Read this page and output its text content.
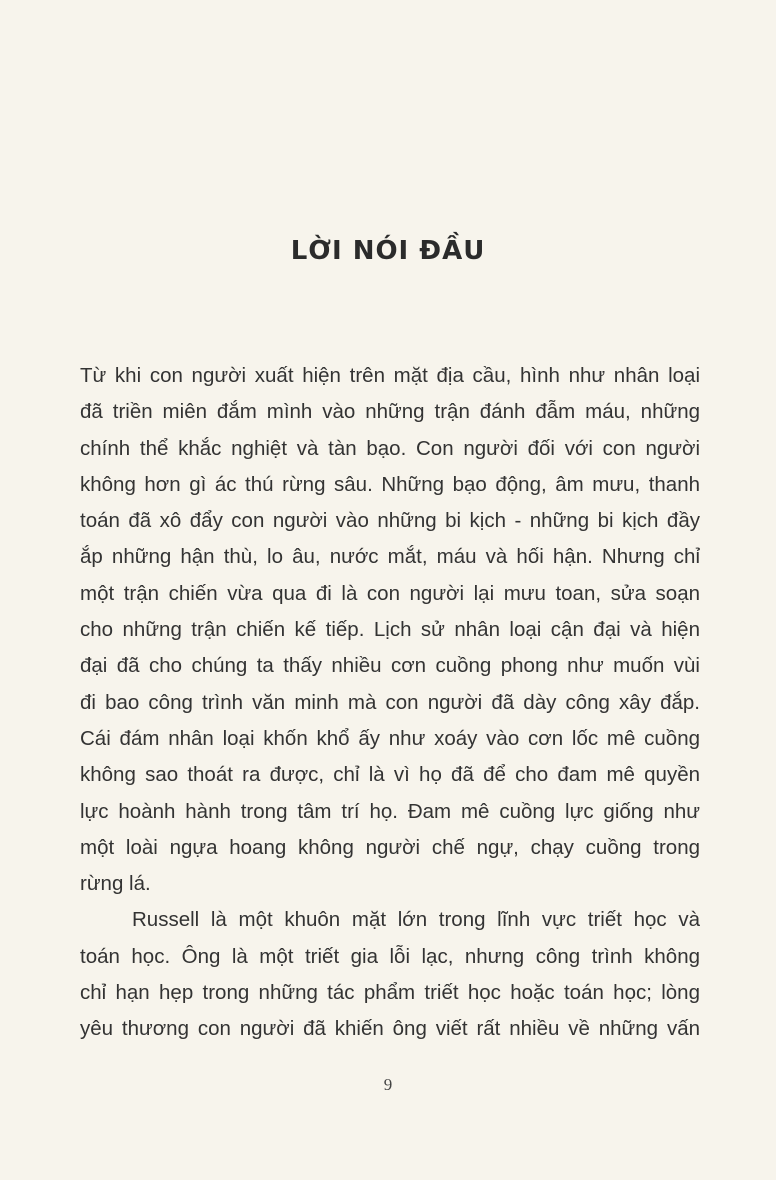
LỜI NÓI ĐẦU
Từ khi con người xuất hiện trên mặt địa cầu, hình như nhân loại
đã triền miên đắm mình vào những trận đánh đẫm máu, những
chính thể khắc nghiệt và tàn bạo. Con người đối với con người
không hơn gì ác thú rừng sâu. Những bạo động, âm mưu, thanh
toán đã xô đẩy con người vào những bi kịch - những bi kịch đầy
ắp những hận thù, lo âu, nước mắt, máu và hối hận. Nhưng chỉ
một trận chiến vừa qua đi là con người lại mưu toan, sửa soạn
cho những trận chiến kế tiếp. Lịch sử nhân loại cận đại và hiện
đại đã cho chúng ta thấy nhiều cơn cuồng phong như muốn vùi
đi bao công trình văn minh mà con người đã dày công xây đắp.
Cái đám nhân loại khốn khổ ấy như xoáy vào cơn lốc mê cuồng
không sao thoát ra được, chỉ là vì họ đã để cho đam mê quyền
lực hoành hành trong tâm trí họ. Đam mê cuồng lực giống như
một loài ngựa hoang không người chế ngự, chạy cuồng trong
rừng lá.
Russell là một khuôn mặt lớn trong lĩnh vực triết học và
toán học. Ông là một triết gia lỗi lạc, nhưng công trình không
chỉ hạn hẹp trong những tác phẩm triết học hoặc toán học; lòng
yêu thương con người đã khiến ông viết rất nhiều về những vấn
9
